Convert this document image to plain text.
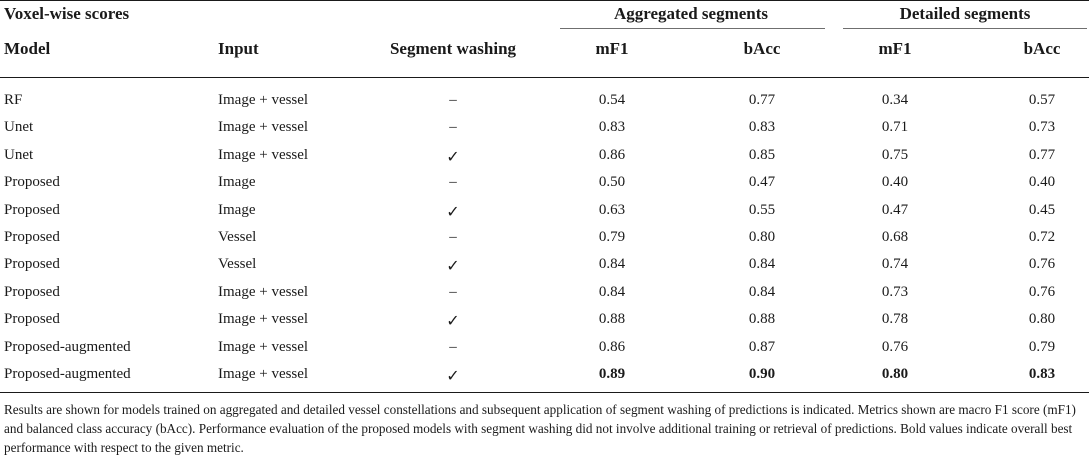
Voxel-wise scores	Aggregated segments	Detailed segments
Model	Input	Segment washing	mF1	bAcc	mF1	bAcc
RF	Image + vessel	–	0.54	0.77	0.34	0.57
Unet	Image + vessel	–	0.83	0.83	0.71	0.73
Unet	Image + vessel	✓	0.86	0.85	0.75	0.77
Proposed	Image	–	0.50	0.47	0.40	0.40
Proposed	Image	✓	0.63	0.55	0.47	0.45
Proposed	Vessel	–	0.79	0.80	0.68	0.72
Proposed	Vessel	✓	0.84	0.84	0.74	0.76
Proposed	Image + vessel	–	0.84	0.84	0.73	0.76
Proposed	Image + vessel	✓	0.88	0.88	0.78	0.80
Proposed-augmented	Image + vessel	–	0.86	0.87	0.76	0.79
Proposed-augmented	Image + vessel	✓	0.89	0.90	0.80	0.83
Results are shown for models trained on aggregated and detailed vessel constellations and subsequent application of segment washing of predictions is indicated. Metrics shown are macro F1 score (mF1) and balanced class accuracy (bAcc). Performance evaluation of the proposed models with segment washing did not involve additional training or retrieval of predictions. Bold values indicate overall best performance with respect to the given metric.
